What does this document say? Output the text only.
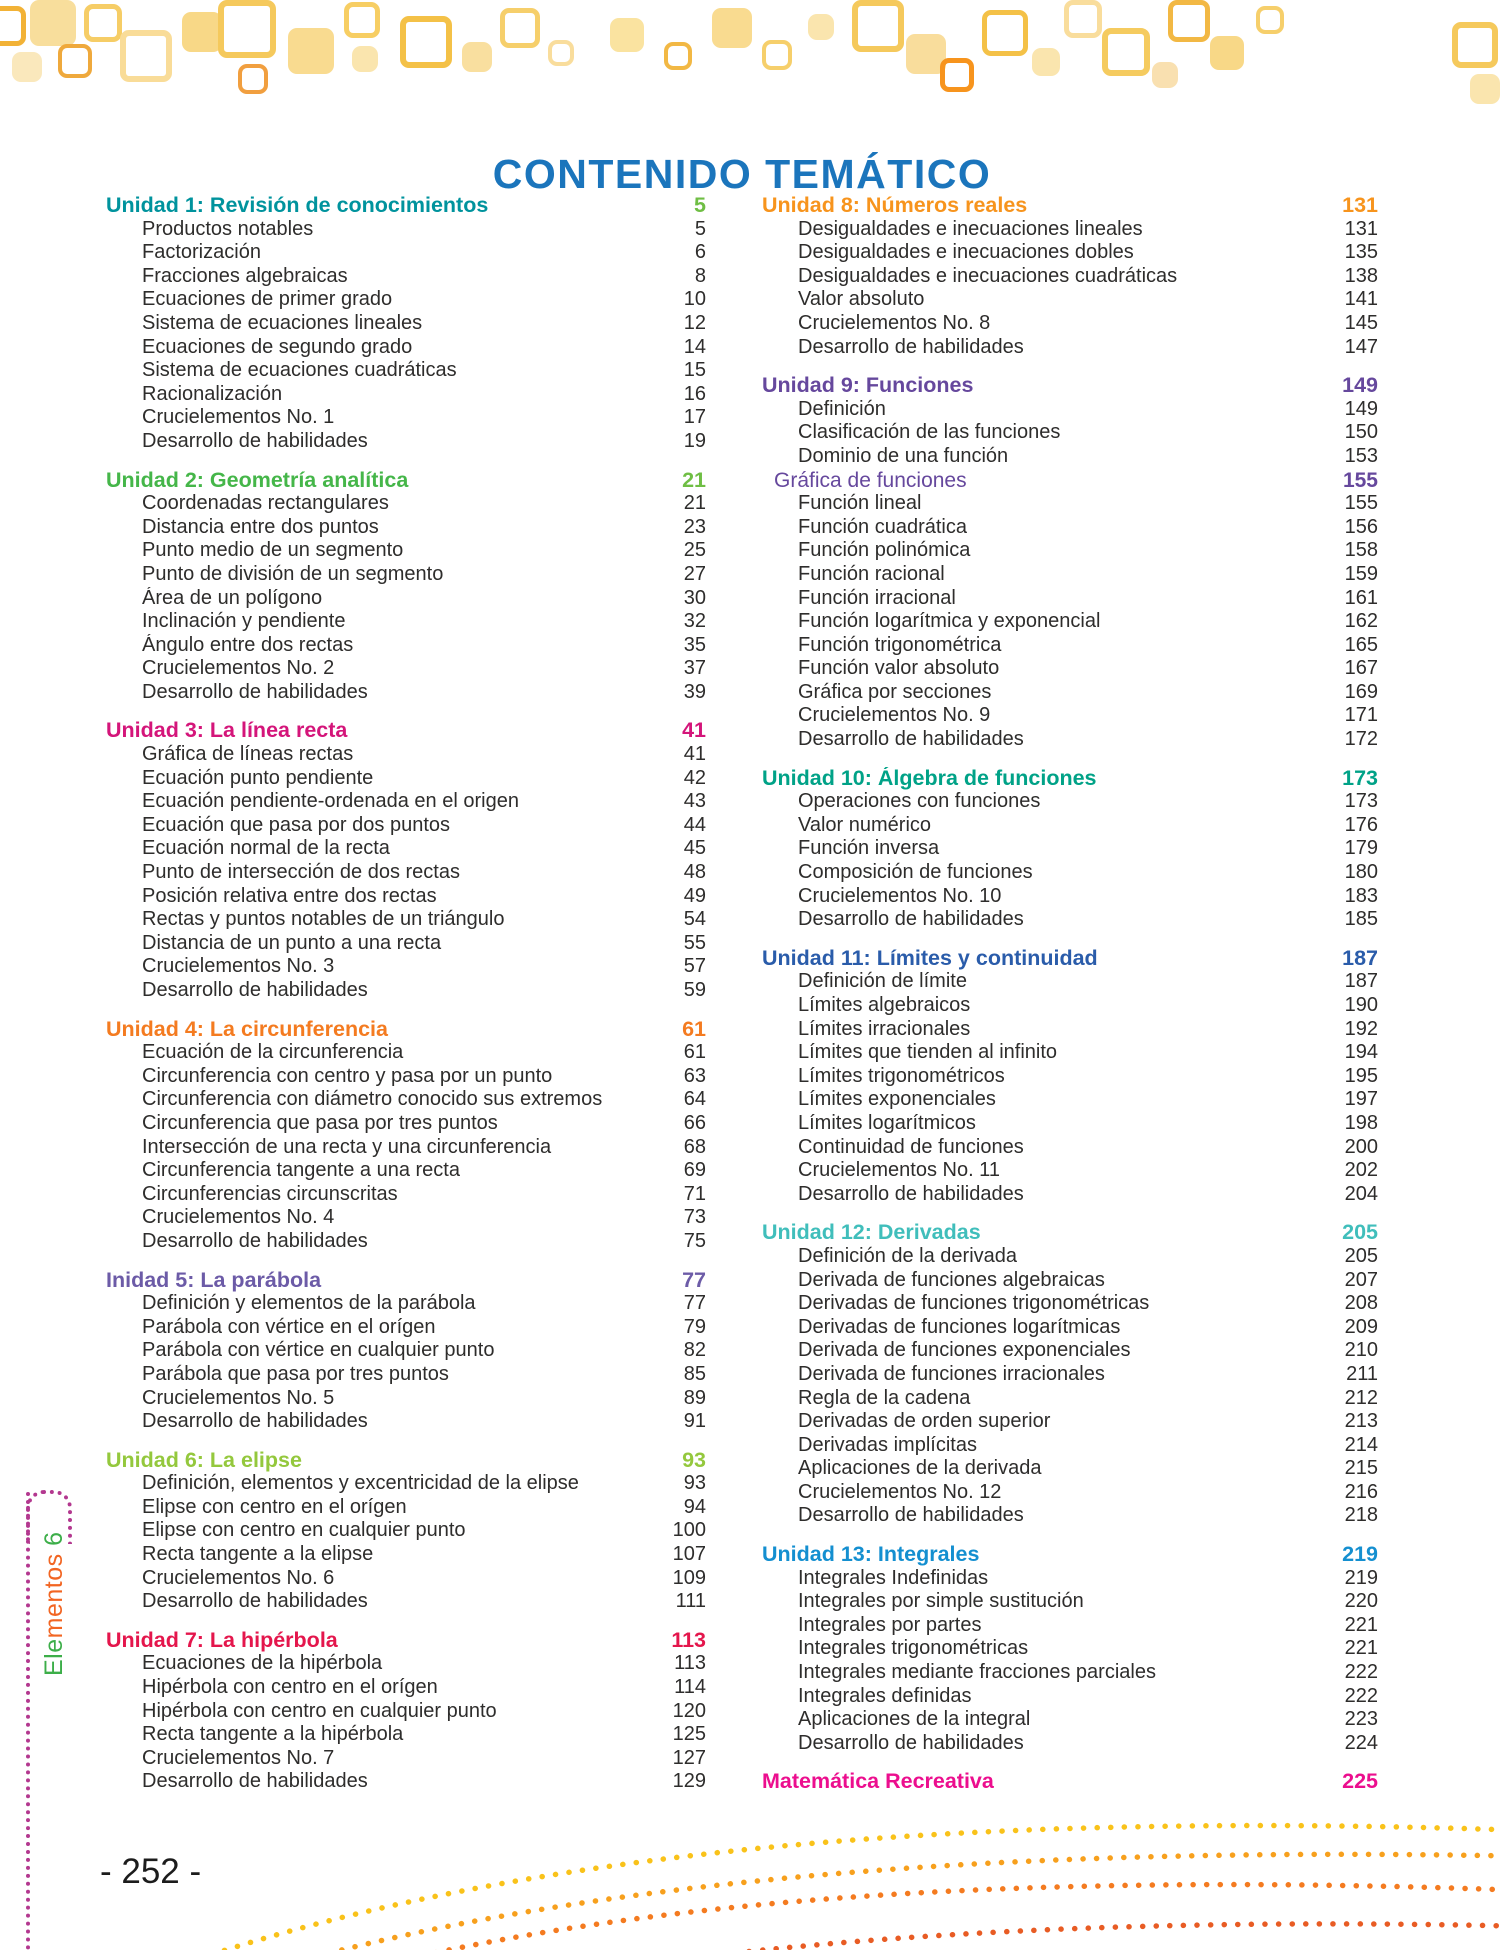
CONTENIDO TEMÁTICO
Unidad 1: Revisión de conocimientos	5
Productos notables	5
Factorización	6
Fracciones algebraicas	8
Ecuaciones de primer grado	10
Sistema de ecuaciones lineales	12
Ecuaciones de segundo grado	14
Sistema de ecuaciones cuadráticas	15
Racionalización	16
Crucielementos No. 1	17
Desarrollo de habilidades	19
Unidad 2: Geometría analítica	21
Coordenadas rectangulares	21
Distancia entre dos puntos	23
Punto medio de un segmento	25
Punto de división de un segmento	27
Área de un polígono	30
Inclinación y pendiente	32
Ángulo entre dos rectas	35
Crucielementos No. 2	37
Desarrollo de habilidades	39
Unidad 3: La línea recta	41
Gráfica de líneas rectas	41
Ecuación punto pendiente	42
Ecuación pendiente-ordenada en el origen	43
Ecuación que pasa por dos puntos	44
Ecuación normal de la recta	45
Punto de intersección de dos rectas	48
Posición relativa entre dos rectas	49
Rectas y puntos notables de un triángulo	54
Distancia de un punto a una recta	55
Crucielementos No. 3	57
Desarrollo de habilidades	59
Unidad 4: La circunferencia	61
Ecuación de la circunferencia	61
Circunferencia con centro y pasa por un punto	63
Circunferencia con diámetro conocido sus extremos	64
Circunferencia que pasa por tres puntos	66
Intersección de una recta y una circunferencia	68
Circunferencia tangente a una recta	69
Circunferencias circunscritas	71
Crucielementos No. 4	73
Desarrollo de habilidades	75
Inidad 5: La parábola	77
Definición y elementos de la parábola	77
Parábola con vértice en el orígen	79
Parábola con vértice en cualquier punto	82
Parábola que pasa por tres puntos	85
Crucielementos No. 5	89
Desarrollo de habilidades	91
Unidad 6: La elipse	93
Definición, elementos y excentricidad de la elipse	93
Elipse con centro en el orígen	94
Elipse con centro en cualquier punto	100
Recta tangente a la elipse	107
Crucielementos No. 6	109
Desarrollo de habilidades	111
Unidad 7: La hipérbola	113
Ecuaciones de la hipérbola	113
Hipérbola con centro en el orígen	114
Hipérbola con centro en cualquier punto	120
Recta tangente a la hipérbola	125
Crucielementos No. 7	127
Desarrollo de habilidades	129
Unidad 8: Números reales	131
Desigualdades e inecuaciones lineales	131
Desigualdades e inecuaciones dobles	135
Desigualdades e inecuaciones cuadráticas	138
Valor absoluto	141
Crucielementos No. 8	145
Desarrollo de habilidades	147
Unidad 9: Funciones	149
Definición	149
Clasificación de las funciones	150
Dominio de una función	153
Gráfica de funciones	155
Función lineal	155
Función cuadrática	156
Función polinómica	158
Función racional	159
Función irracional	161
Función logarítmica y exponencial	162
Función trigonométrica	165
Función valor absoluto	167
Gráfica por secciones	169
Crucielementos No. 9	171
Desarrollo de habilidades	172
Unidad 10: Álgebra de funciones	173
Operaciones con funciones	173
Valor numérico	176
Función inversa	179
Composición de funciones	180
Crucielementos No. 10	183
Desarrollo de habilidades	185
Unidad 11: Límites y continuidad	187
Definición de límite	187
Límites algebraicos	190
Límites irracionales	192
Límites que tienden al infinito	194
Límites trigonométricos	195
Límites exponenciales	197
Límites logarítmicos	198
Continuidad de funciones	200
Crucielementos No. 11	202
Desarrollo de habilidades	204
Unidad 12: Derivadas	205
Definición de la derivada	205
Derivada de funciones algebraicas	207
Derivadas de funciones trigonométricas	208
Derivadas de funciones logarítmicas	209
Derivada de funciones exponenciales	210
Derivada de funciones irracionales	211
Regla de la cadena	212
Derivadas de orden superior	213
Derivadas implícitas	214
Aplicaciones de la derivada	215
Crucielementos No. 12	216
Desarrollo de habilidades	218
Unidad 13: Integrales	219
Integrales Indefinidas	219
Integrales por simple sustitución	220
Integrales por partes	221
Integrales trigonométricas	221
Integrales mediante fracciones parciales	222
Integrales definidas	222
Aplicaciones de la integral	223
Desarrollo de habilidades	224
Matemática Recreativa	225
Elementos 6
- 252 -
